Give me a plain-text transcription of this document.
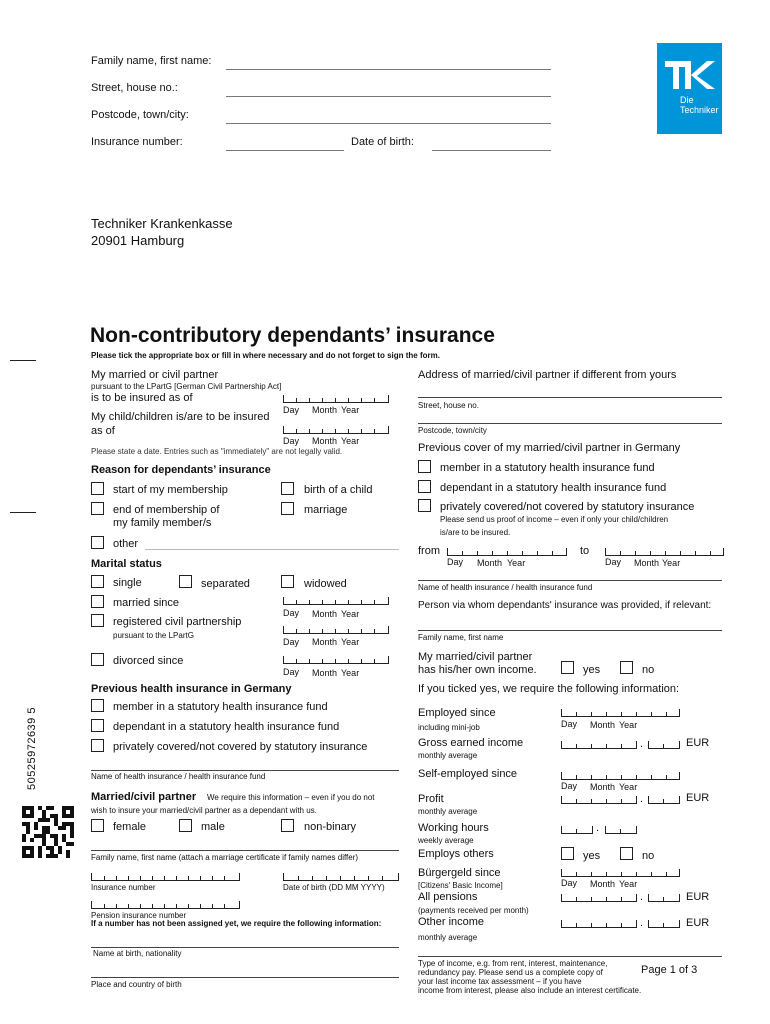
Family name, first name:
Street, house no.:
Postcode, town/city:
Insurance number:	Date of birth:
Die
Techniker
Techniker Krankenkasse
20901 Hamburg
Non-contributory dependants’ insurance
Please tick the appropriate box or fill in where necessary and do not forget to sign the form.
My married or civil partner
pursuant to the LPartG [German Civil Partnership Act]
is to be insured as of
Day Month Year
My child/children is/are to be insured
as of
Day Month Year
Please state a date. Entries such as "immediately" are not legally valid.
Reason for dependants’ insurance
start of my membership	birth of a child
end of membership of
my family member/s
marriage
other
Marital status
single	separated	widowed
Day Month Year
married since
registered civil partnership
pursuant to the LPartG
Day Month Year
divorced since
Day Month Year
Previous health insurance in Germany
member in a statutory health insurance fund
dependant in a statutory health insurance fund
privately covered/not covered by statutory insurance
Name of health insurance / health insurance fund
Married/civil partner We require this information – even if you do not
wish to insure your married/civil partner as a dependant with us.
female	male	non-binary
Family name, first name (attach a marriage certificate if family names differ)
Insurance number	Date of birth (DD MM YYYY)
Pension insurance number
If a number has not been assigned yet, we require the following information:
Name at birth, nationality
Place and country of birth
50525972639 5
Address of married/civil partner if different from yours
Street, house no.
Postcode, town/city
Previous cover of my married/civil partner in Germany
member in a statutory health insurance fund
dependant in a statutory health insurance fund
privately covered/not covered by statutory insurance
Please send us proof of income – even if only your child/children
is/are to be insured.
from
Day Month Year
to
Day Month Year
Name of health insurance / health insurance fund
Person via whom dependants' insurance was provided, if relevant:
Family name, first name
My married/civil partner
has his/her own income.	yes	no
If you ticked yes, we require the following information:
Employed since
including mini-job	Day Month Year
Gross earned income
monthly average
.	EUR
Self-employed since
Day Month Year
Profit
monthly average
.	EUR
Working hours
weekly average
.
Employs others	yes	no
Bürgergeld since
[Citizens' Basic Income]	Day Month Year
All pensions
(payments received per month)
.	EUR
Other income
monthly average
.	EUR
Type of income, e.g. from rent, interest, maintenance,
redundancy pay. Please send us a complete copy of
your last income tax assessment – if you have
income from interest, please also include an interest certificate.
Page 1 of 3
